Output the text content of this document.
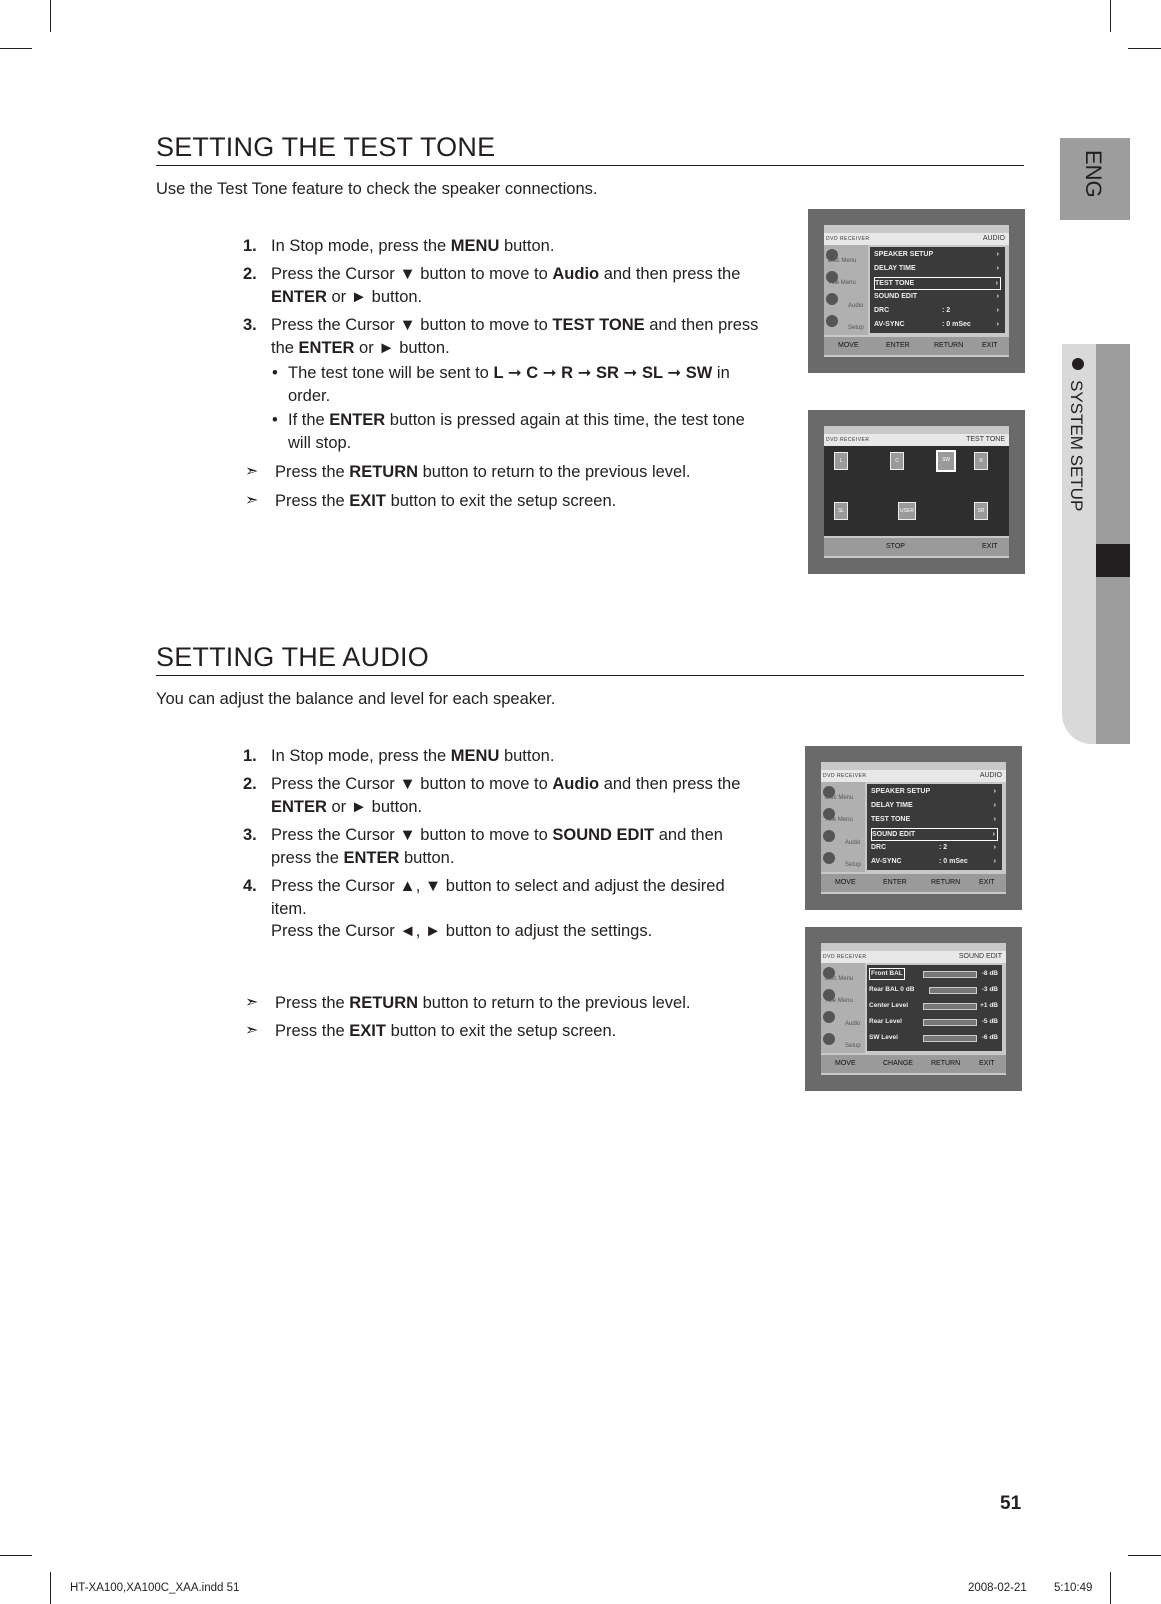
ENG
SYSTEM SETUP
SETTING THE TEST TONE
Use the Test Tone feature to check the speaker connections.
1. In Stop mode, press the MENU button.
2. Press the Cursor ▼ button to move to Audio and then press the ENTER or ► button.
3. Press the Cursor ▼ button to move to TEST TONE and then press the ENTER or ► button.
• The test tone will be sent to L ➞ C ➞ R ➞ SR ➞ SL ➞ SW in order.
• If the ENTER button is pressed again at this time, the test tone will stop.
➣ Press the RETURN button to return to the previous level.
➣ Press the EXIT button to exit the setup screen.
DVD RECEIVER	AUDIO
Disc Menu
Title Menu
Audio
Setup
SPEAKER SETUP	›
DELAY TIME	›
TEST TONE	›
SOUND EDIT	›
DRC	: 2	›
AV-SYNC	: 0 mSec	›
MOVE	ENTER	RETURN	EXIT
DVD RECEIVER	TEST TONE
L	C	SW	R
SL	USER	SR
STOP	EXIT
SETTING THE AUDIO
You can adjust the balance and level for each speaker.
1. In Stop mode, press the MENU button.
2. Press the Cursor ▼ button to move to Audio and then press the ENTER or ► button.
3. Press the Cursor ▼ button to move to SOUND EDIT and then press the ENTER button.
4. Press the Cursor ▲, ▼ button to select and adjust the desired item.
Press the Cursor ◄, ► button to adjust the settings.
➣ Press the RETURN button to return to the previous level.
➣ Press the EXIT button to exit the setup screen.
DVD RECEIVER	AUDIO
Disc Menu
Title Menu
Audio
Setup
SPEAKER SETUP	›
DELAY TIME	›
TEST TONE	›
SOUND EDIT	›
DRC	: 2	›
AV-SYNC	: 0 mSec	›
MOVE	ENTER	RETURN	EXIT
DVD RECEIVER	SOUND EDIT
Disc Menu
Title Menu
Audio
Setup
Front BAL	-8 dB
Rear BAL 0 dB	-3 dB
Center Level	+1 dB
Rear Level	-5 dB
SW Level	-6 dB
MOVE	CHANGE	RETURN	EXIT
51
HT-XA100,XA100C_XAA.indd 51	2008-02-21 5:10:49
